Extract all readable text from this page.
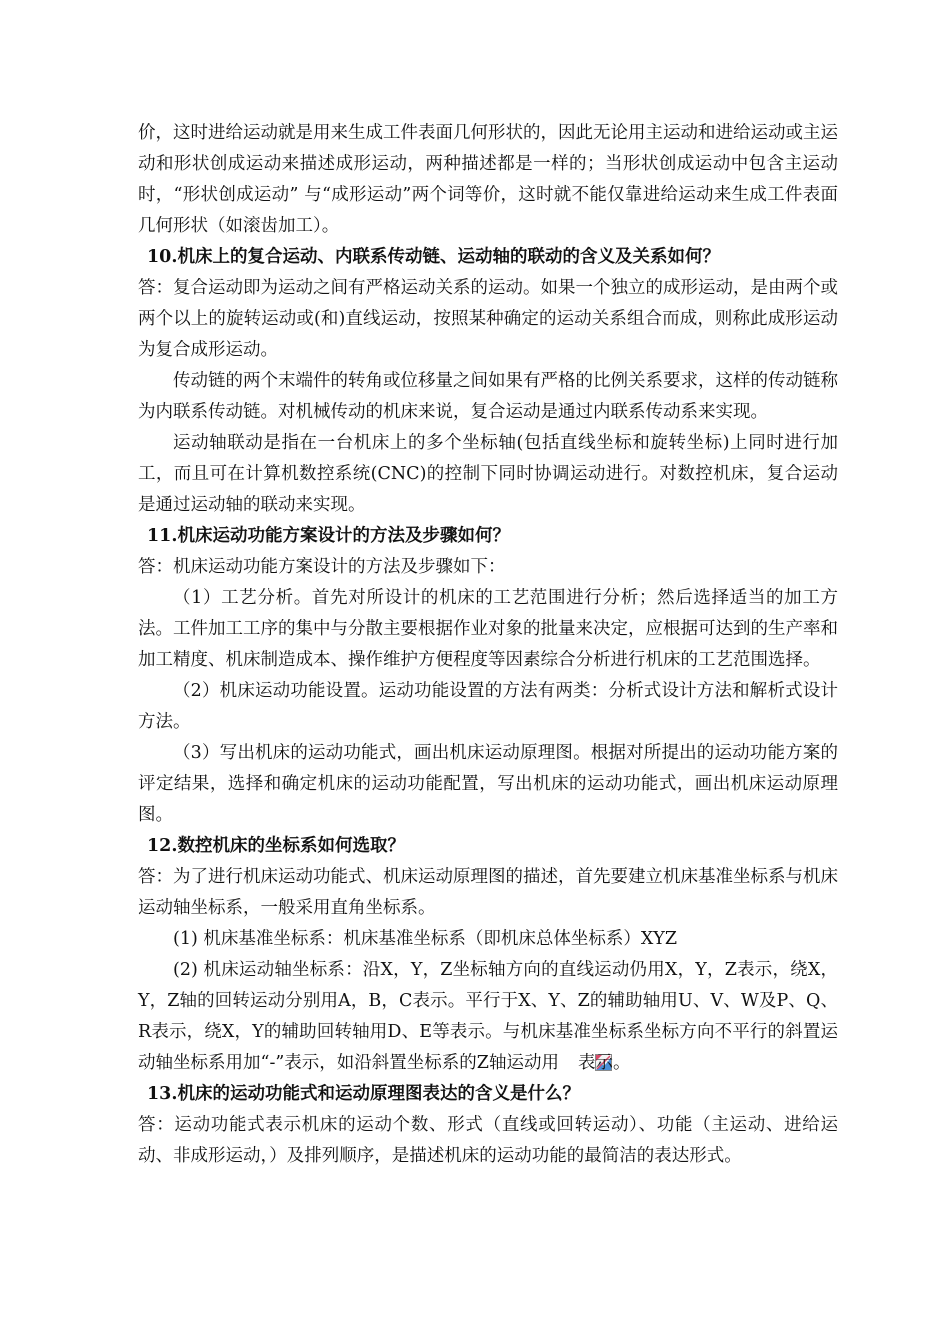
价，这时进给运动就是用来生成工件表面几何形状的，因此无论用主运动和进给运动或主运动和形状创成运动来描述成形运动，两种描述都是一样的；当形状创成运动中包含主运动时，“形状创成运动” 与“成形运动”两个词等价，这时就不能仅靠进给运动来生成工件表面几何形状（如滚齿加工）。

10.机床上的复合运动、内联系传动链、运动轴的联动的含义及关系如何？

答：复合运动即为运动之间有严格运动关系的运动。如果一个独立的成形运动，是由两个或两个以上的旋转运动或(和)直线运动，按照某种确定的运动关系组合而成，则称此成形运动为复合成形运动。

传动链的两个末端件的转角或位移量之间如果有严格的比例关系要求，这样的传动链称为内联系传动链。对机械传动的机床来说，复合运动是通过内联系传动系来实现。

运动轴联动是指在一台机床上的多个坐标轴(包括直线坐标和旋转坐标)上同时进行加工，而且可在计算机数控系统(CNC)的控制下同时协调运动进行。对数控机床，复合运动是通过运动轴的联动来实现。

11.机床运动功能方案设计的方法及步骤如何？

答：机床运动功能方案设计的方法及步骤如下：

（1）工艺分析。首先对所设计的机床的工艺范围进行分析；然后选择适当的加工方法。工件加工工序的集中与分散主要根据作业对象的批量来决定，应根据可达到的生产率和加工精度、机床制造成本、操作维护方便程度等因素综合分析进行机床的工艺范围选择。

（2）机床运动功能设置。运动功能设置的方法有两类：分析式设计方法和解析式设计方法。

（3）写出机床的运动功能式，画出机床运动原理图。根据对所提出的运动功能方案的评定结果，选择和确定机床的运动功能配置，写出机床的运动功能式，画出机床运动原理图。

12.数控机床的坐标系如何选取？

答：为了进行机床运动功能式、机床运动原理图的描述，首先要建立机床基准坐标系与机床运动轴坐标系，一般采用直角坐标系。

(1) 机床基准坐标系：机床基准坐标系（即机床总体坐标系）XYZ

(2) 机床运动轴坐标系：沿X，Y，Z坐标轴方向的直线运动仍用X，Y，Z表示，绕X，Y，Z轴的回转运动分别用A，B，C表示。平行于X、Y、Z的辅助轴用U、V、W及P、Q、R表示，绕X，Y的辅助回转轴用D、E等表示。与机床基准坐标系坐标方向不平行的斜置运动轴坐标系用加“-”表示，如沿斜置坐标系的Z轴运动用 表示。

13.机床的运动功能式和运动原理图表达的含义是什么？

答：运动功能式表示机床的运动个数、形式（直线或回转运动）、功能（主运动、进给运动、非成形运动，）及排列顺序，是描述机床的运动功能的最简洁的表达形式。
